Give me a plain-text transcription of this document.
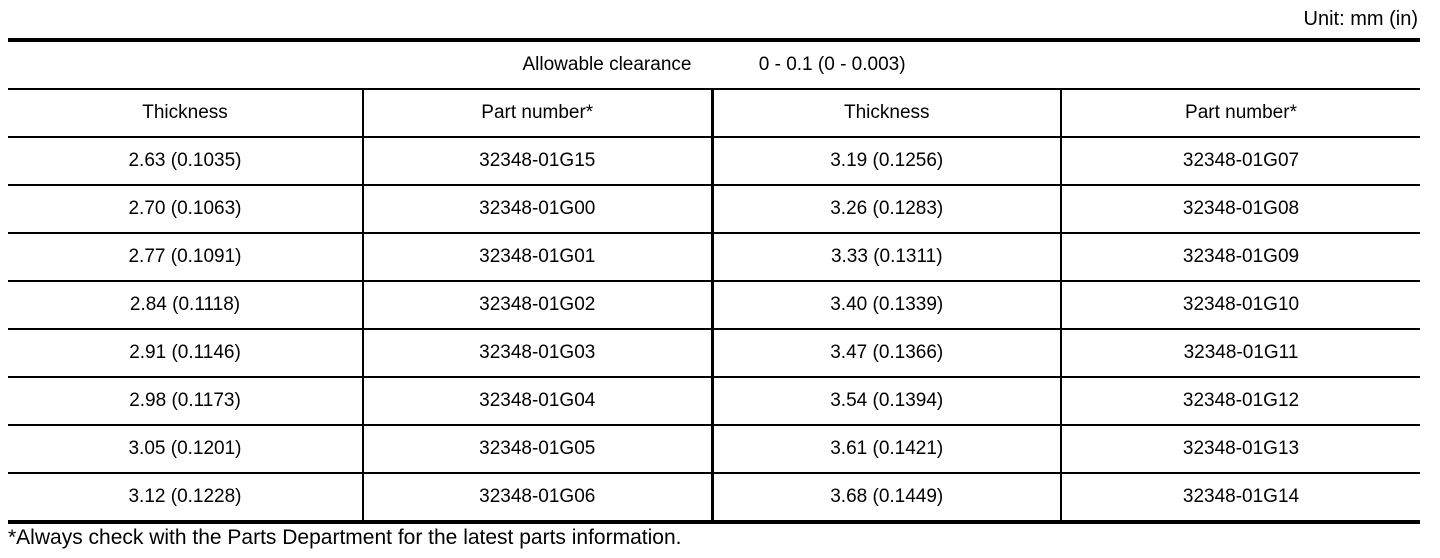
Unit: mm (in)
Allowable clearance 0 - 0.1 (0 - 0.003)			
Thickness	Part number*	Thickness	Part number*
2.63 (0.1035)	32348-01G15	3.19 (0.1256)	32348-01G07
2.70 (0.1063)	32348-01G00	3.26 (0.1283)	32348-01G08
2.77 (0.1091)	32348-01G01	3.33 (0.1311)	32348-01G09
2.84 (0.1118)	32348-01G02	3.40 (0.1339)	32348-01G10
2.91 (0.1146)	32348-01G03	3.47 (0.1366)	32348-01G11
2.98 (0.1173)	32348-01G04	3.54 (0.1394)	32348-01G12
3.05 (0.1201)	32348-01G05	3.61 (0.1421)	32348-01G13
3.12 (0.1228)	32348-01G06	3.68 (0.1449)	32348-01G14
*Always check with the Parts Department for the latest parts information.
